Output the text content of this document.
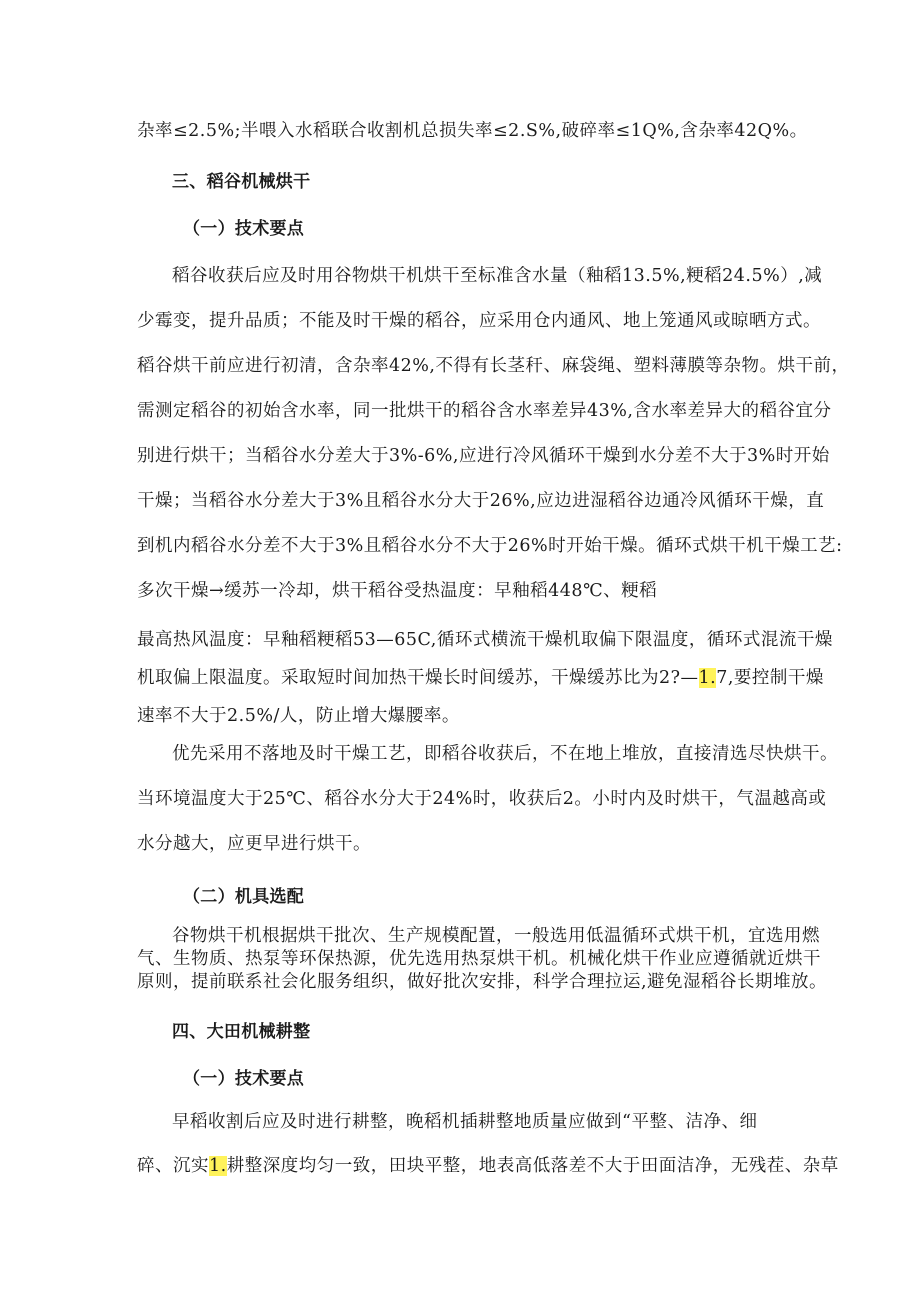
杂率≤2.5%;半喂入水稻联合收割机总损失率≤2.S%,破碎率≤1Q%,含杂率42Q%。
三、稻谷机械烘干
（一）技术要点
稻谷收获后应及时用谷物烘干机烘干至标准含水量（釉稻13.5%,粳稻24.5%）,减
少霉变，提升品质；不能及时干燥的稻谷，应采用仓内通风、地上笼通风或晾晒方式。
稻谷烘干前应进行初清，含杂率42%,不得有长茎秆、麻袋绳、塑料薄膜等杂物。烘干前，
需测定稻谷的初始含水率，同一批烘干的稻谷含水率差异43%,含水率差异大的稻谷宜分
别进行烘干；当稻谷水分差大于3%-6%,应进行冷风循环干燥到水分差不大于3%时开始
干燥；当稻谷水分差大于3%且稻谷水分大于26%,应边进湿稻谷边通冷风循环干燥，直
到机内稻谷水分差不大于3%且稻谷水分不大于26%时开始干燥。循环式烘干机干燥工艺:
多次干燥→缓苏一冷却，烘干稻谷受热温度：早釉稻448℃、粳稻
最高热风温度：早釉稻粳稻53—65C,循环式横流干燥机取偏下限温度，循环式混流干燥
机取偏上限温度。采取短时间加热干燥长时间缓苏，干燥缓苏比为2?—1.7,要控制干燥
速率不大于2.5%/人，防止增大爆腰率。
优先采用不落地及时干燥工艺，即稻谷收获后，不在地上堆放，直接清选尽快烘干。
当环境温度大于25℃、稻谷水分大于24%时，收获后2。小时内及时烘干，气温越高或
水分越大，应更早进行烘干。
（二）机具选配
谷物烘干机根据烘干批次、生产规模配置，一般选用低温循环式烘干机，宜选用燃
气、生物质、热泵等环保热源，优先选用热泵烘干机。机械化烘干作业应遵循就近烘干
原则，提前联系社会化服务组织，做好批次安排，科学合理拉运,避免湿稻谷长期堆放。
四、大田机械耕整
（一）技术要点
早稻收割后应及时进行耕整，晚稻机插耕整地质量应做到“平整、洁净、细
碎、沉实1.耕整深度均匀一致，田块平整，地表高低落差不大于田面洁净，无残茬、杂草
